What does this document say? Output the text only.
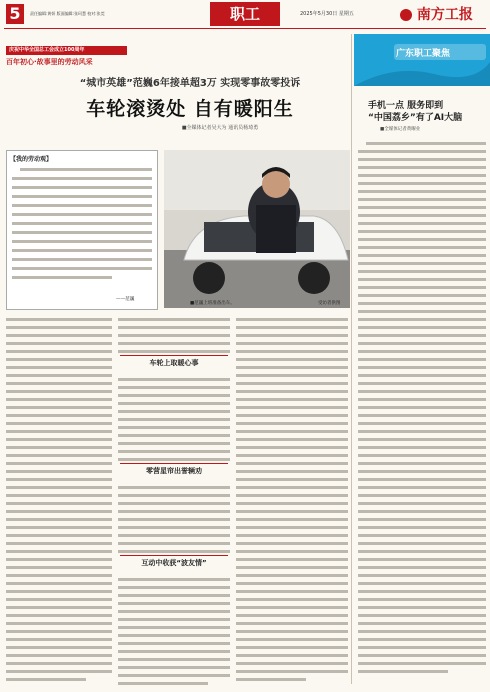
5	责任编辑:黄妍 版面编辑:张珂慧 校对:张莞	职工	2025年5月30日 星期五	南方工报
庆祝中华全国总工会成立100周年
百年初心·故事里的劳动风采
“城市英雄”范巍6年接单超3万 实现零事故零投诉
车轮滚烫处 自有暖阳生
■全媒体记者吴大为 通讯员杨琦勇
【我的劳动观】
——范巍
■范巍上班准备出车。	受访者供图
车轮上取暖心事
零营星帘出誉辆劝
互动中收获“波友情”
广东职工聚焦
手机一点 服务即到
“中国荔乡”有了AI大脑
■全媒体记者黄曜业
